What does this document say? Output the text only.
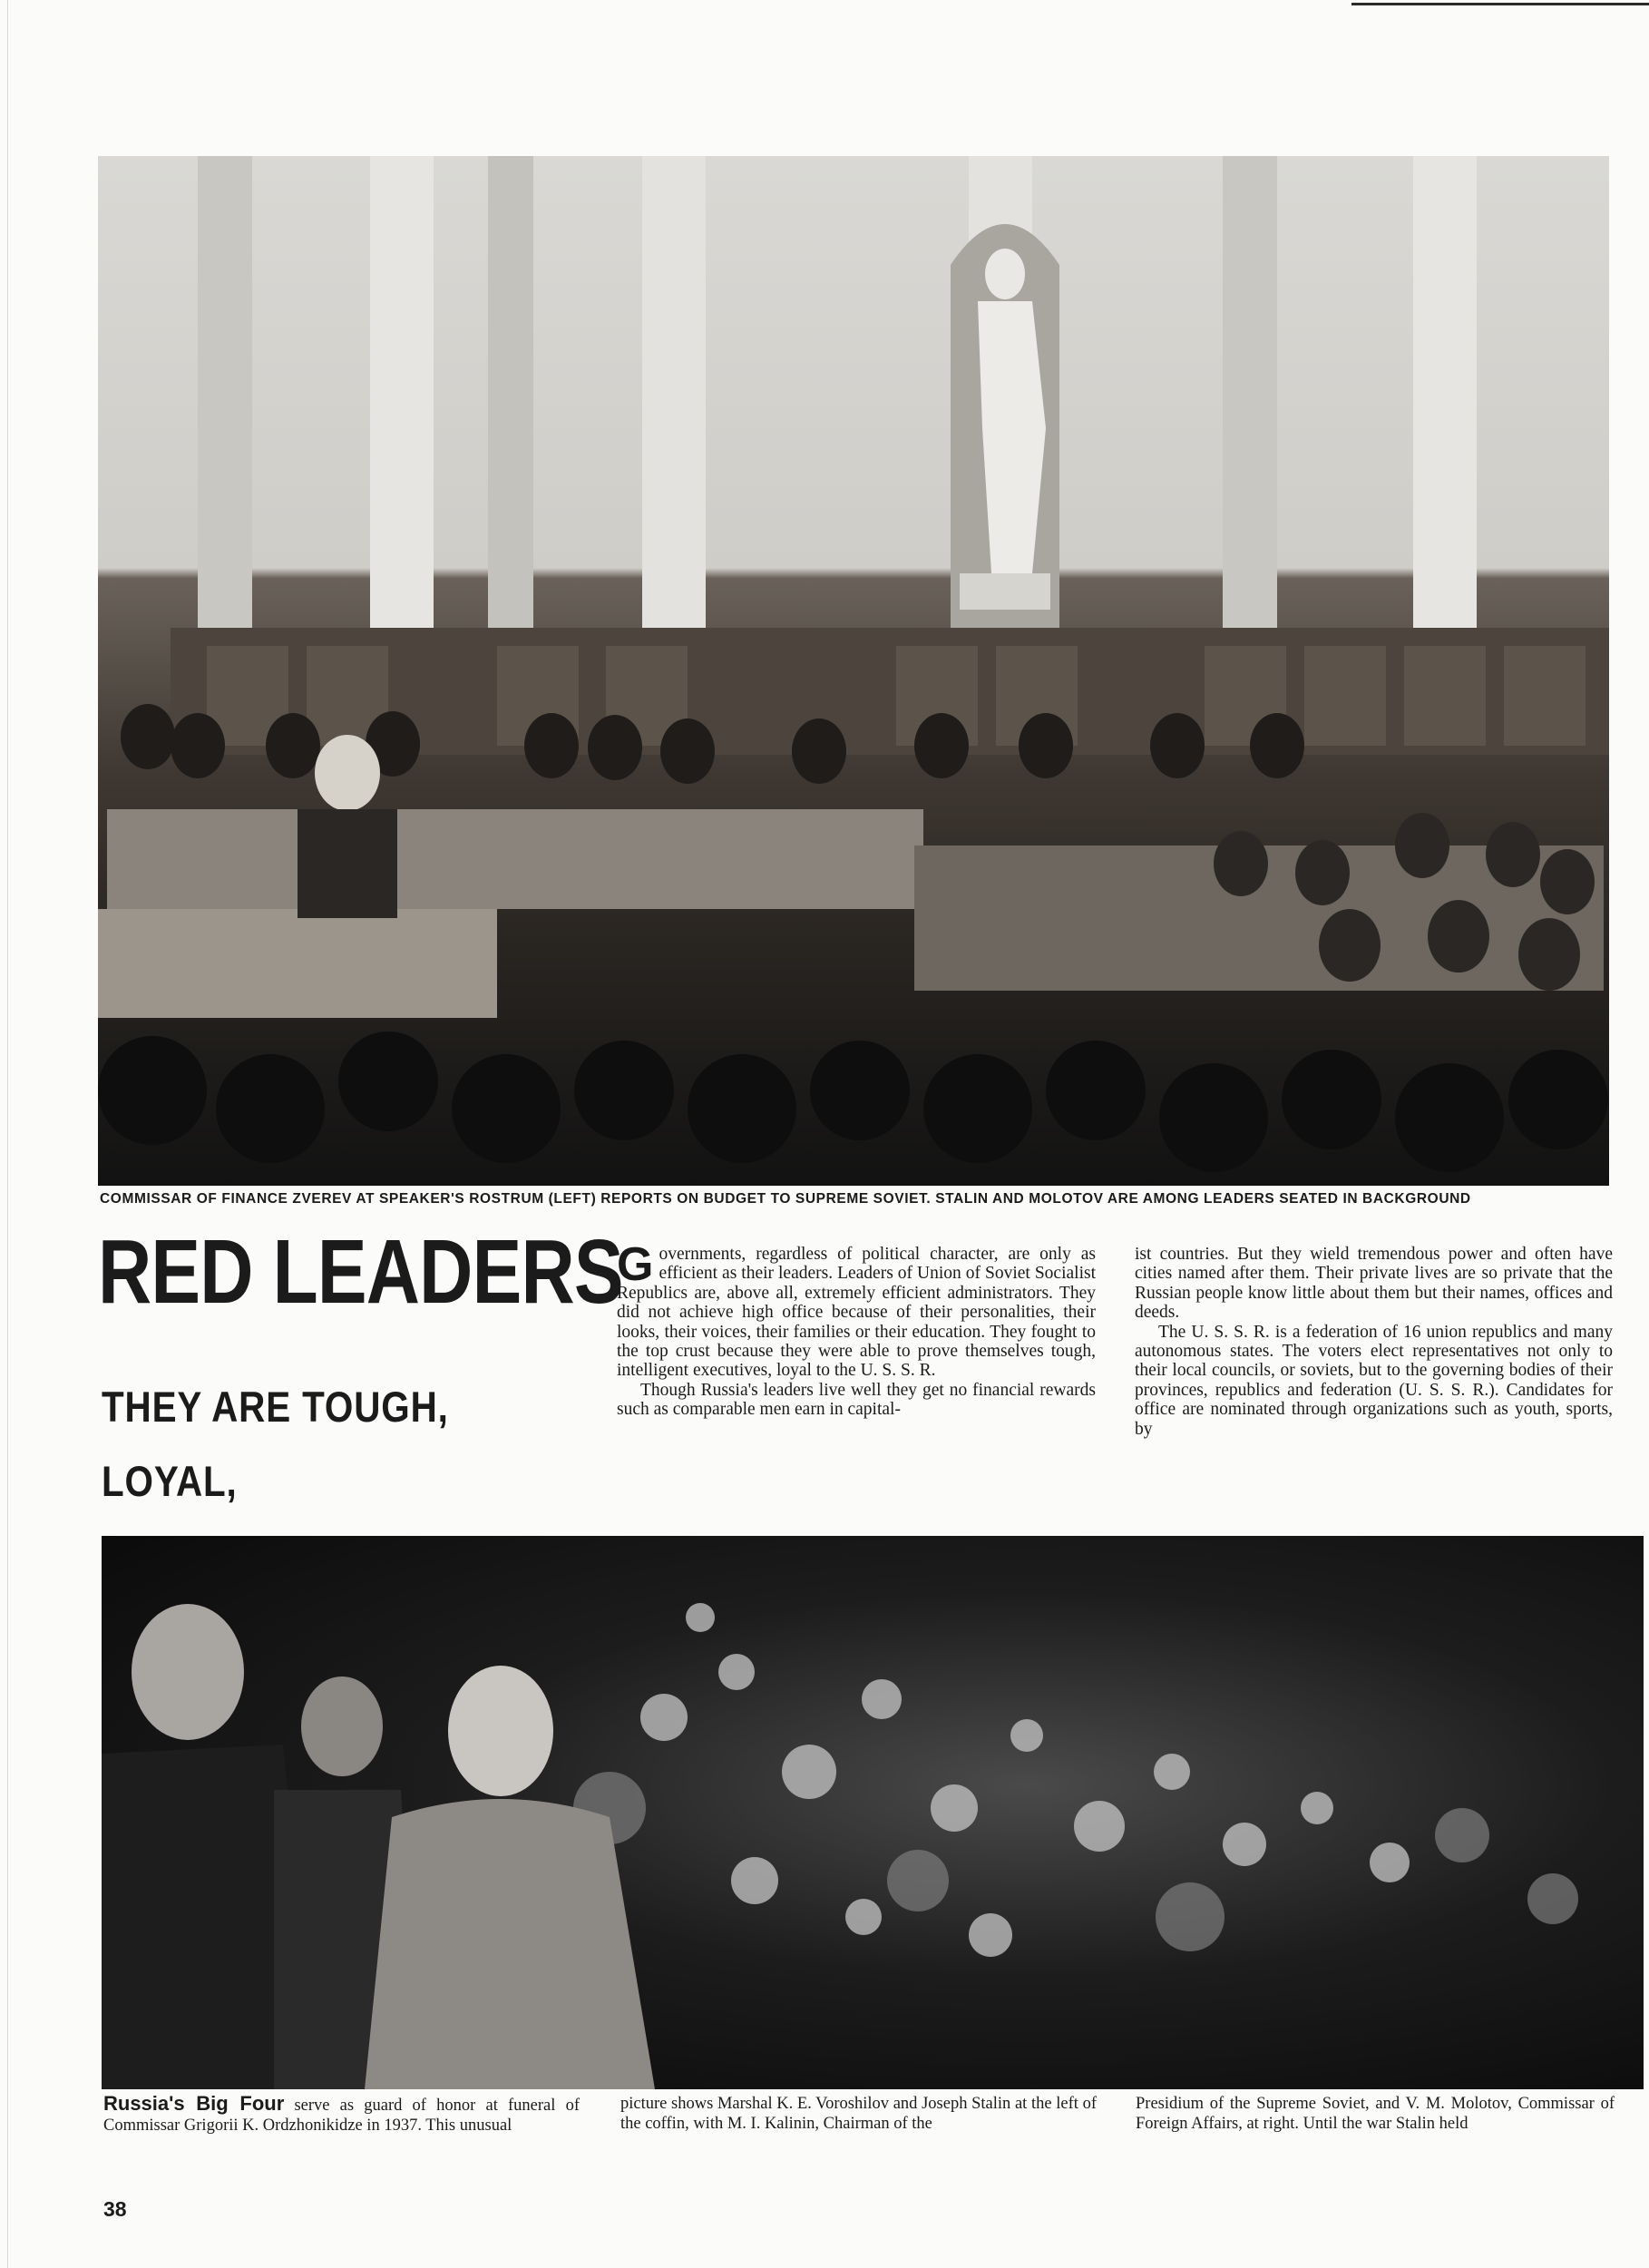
COMMISSAR OF FINANCE ZVEREV AT SPEAKER'S ROSTRUM (LEFT) REPORTS ON BUDGET TO SUPREME SOVIET. STALIN AND MOLOTOV ARE AMONG LEADERS SEATED IN BACKGROUND
RED LEADERS
THEY ARE TOUGH, LOYAL,

Governments, regardless of political character, are only as efficient as their leaders. Leaders of Union of Soviet Socialist Republics are, above all, extremely efficient administrators. They did not achieve high office because of their personalities, their looks, their voices, their families or their education. They fought to the top crust because they were able to prove themselves tough, intelligent executives, loyal to the U. S. S. R.

Though Russia's leaders live well they get no financial rewards such as comparable men earn in capital-

ist countries. But they wield tremendous power and often have cities named after them. Their private lives are so private that the Russian people know little about them but their names, offices and deeds.

The U. S. S. R. is a federation of 16 union republics and many autonomous states. The voters elect representatives not only to their local councils, or soviets, but to the governing bodies of their provinces, republics and federation (U. S. S. R.). Candidates for office are nominated through organizations such as youth, sports, by

Russia's Big Four serve as guard of honor at funeral of Commissar Grigorii K. Ordzhonikidze in 1937. This unusual
picture shows Marshal K. E. Voroshilov and Joseph Stalin at the left of the coffin, with M. I. Kalinin, Chairman of the
Presidium of the Supreme Soviet, and V. M. Molotov, Commissar of Foreign Affairs, at right. Until the war Stalin held
38
